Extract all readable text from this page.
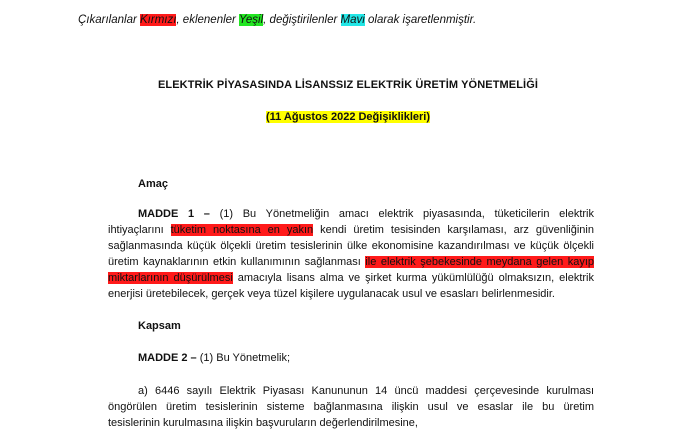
Çıkarılanlar Kırmızı, eklenenler Yeşil, değiştirilenler Mavi olarak işaretlenmiştir.
ELEKTRİK PİYASASINDA LİSANSSIZ ELEKTRİK ÜRETİM YÖNETMELİĞİ
(11 Ağustos 2022 Değişiklikleri)
Amaç
MADDE 1 – (1) Bu Yönetmeliğin amacı elektrik piyasasında, tüketicilerin elektrik
ihtiyaçlarını tüketim noktasına en yakın kendi üretim tesisinden karşılaması, arz güvenliğinin
sağlanmasında küçük ölçekli üretim tesislerinin ülke ekonomisine kazandırılması ve küçük ölçekli
üretim kaynaklarının etkin kullanımının sağlanması ile elektrik şebekesinde meydana gelen kayıp
miktarlarının düşürülmesi amacıyla lisans alma ve şirket kurma yükümlülüğü olmaksızın, elektrik
enerjisi üretebilecek, gerçek veya tüzel kişilere uygulanacak usul ve esasları belirlenmesidir.
Kapsam
MADDE 2 – (1) Bu Yönetmelik;
a) 6446 sayılı Elektrik Piyasası Kanununun 14 üncü maddesi çerçevesinde kurulması
öngörülen üretim tesislerinin sisteme bağlanmasına ilişkin usul ve esaslar ile bu üretim
tesislerinin kurulmasına ilişkin başvuruların değerlendirilmesine,
